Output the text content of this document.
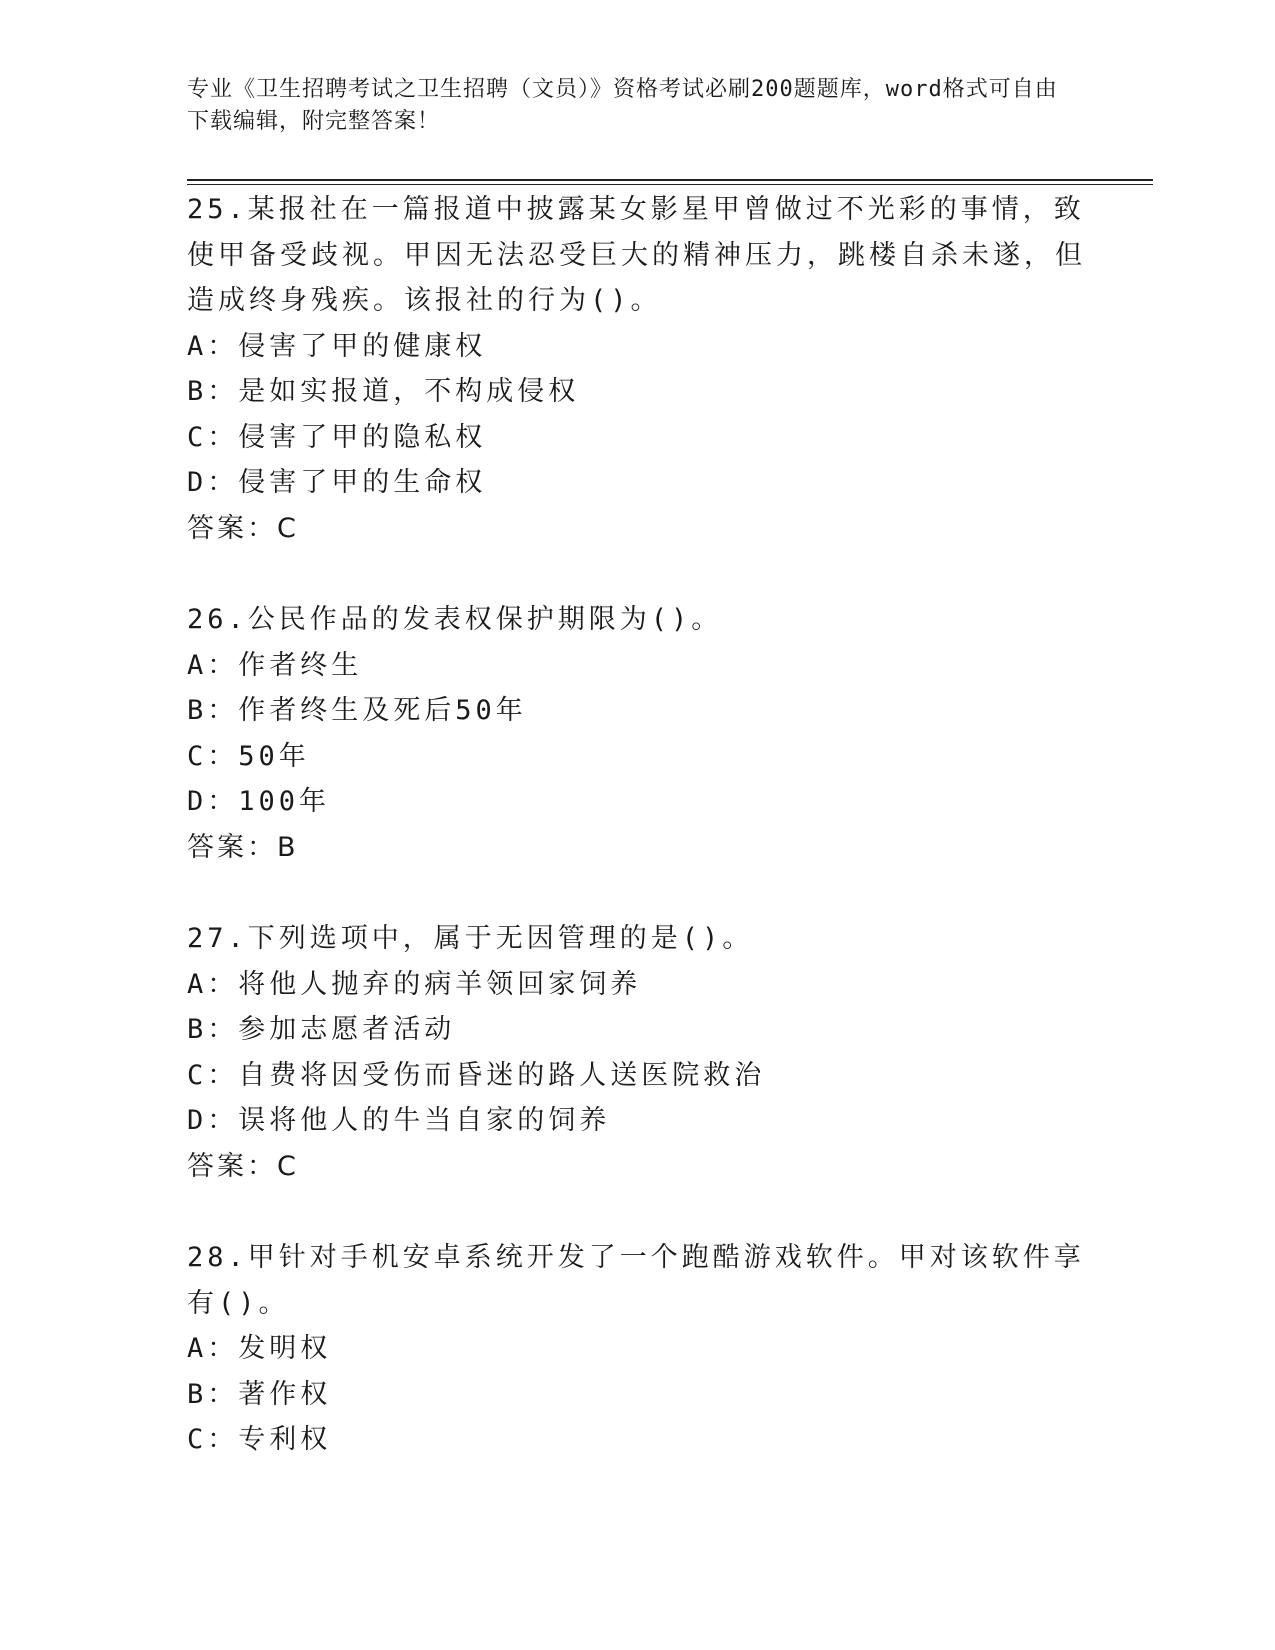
专业《卫生招聘考试之卫生招聘（文员）》资格考试必刷200题题库，word格式可自由下载编辑，附完整答案！
25.某报社在一篇报道中披露某女影星甲曾做过不光彩的事情，致使甲备受歧视。甲因无法忍受巨大的精神压力，跳楼自杀未遂，但造成终身残疾。该报社的行为()。
A：侵害了甲的健康权
B：是如实报道，不构成侵权
C：侵害了甲的隐私权
D：侵害了甲的生命权
答案：C
26.公民作品的发表权保护期限为()。
A：作者终生
B：作者终生及死后50年
C：50年
D：100年
答案：B
27.下列选项中，属于无因管理的是()。
A：将他人抛弃的病羊领回家饲养
B：参加志愿者活动
C：自费将因受伤而昏迷的路人送医院救治
D：误将他人的牛当自家的饲养
答案：C
28.甲针对手机安卓系统开发了一个跑酷游戏软件。甲对该软件享有()。
A：发明权
B：著作权
C：专利权
